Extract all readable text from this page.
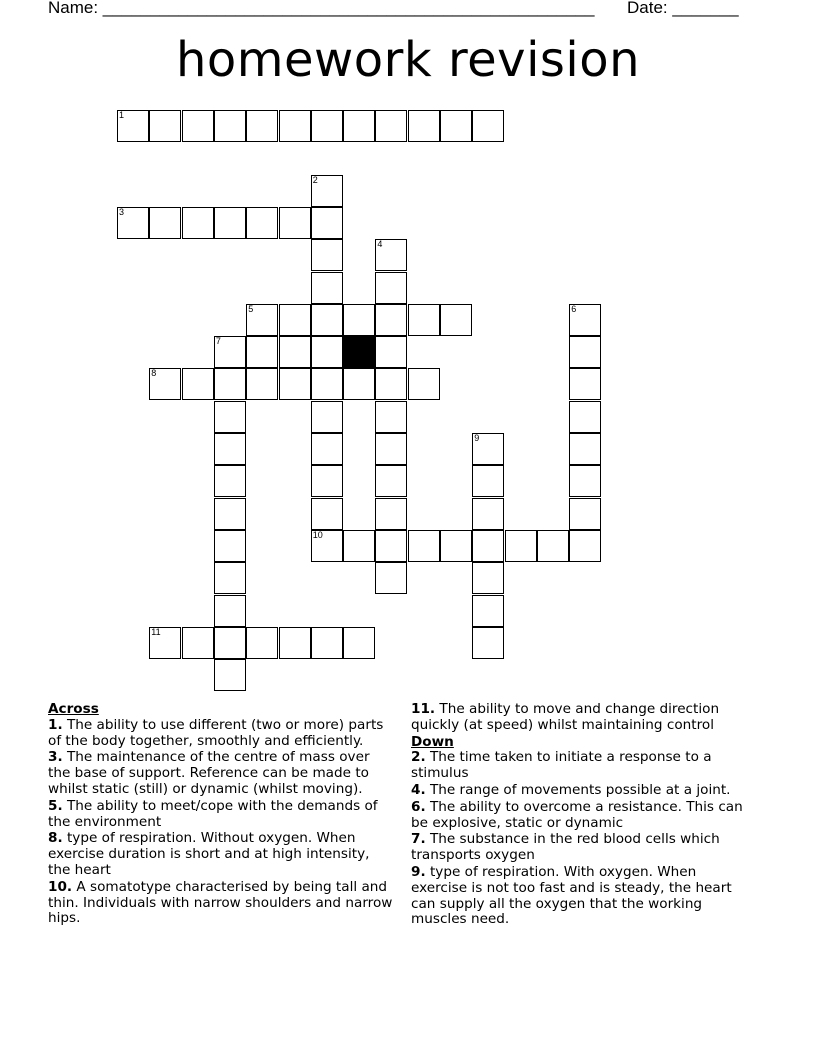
Name: ____________________________________________________ Date: _______
homework revision
1
2
3
4
5	6
7
8
9
10
11
Across
1. The ability to use different (two or more) parts of the body together, smoothly and efficiently.
3. The maintenance of the centre of mass over the base of support. Reference can be made to whilst static (still) or dynamic (whilst moving).
5. The ability to meet/cope with the demands of the environment
8. type of respiration. Without oxygen. When exercise duration is short and at high intensity, the heart
10. A somatotype characterised by being tall and thin. Individuals with narrow shoulders and narrow hips.
11. The ability to move and change direction quickly (at speed) whilst maintaining control
Down
2. The time taken to initiate a response to a stimulus
4. The range of movements possible at a joint.
6. The ability to overcome a resistance. This can be explosive, static or dynamic
7. The substance in the red blood cells which transports oxygen
9. type of respiration. With oxygen. When exercise is not too fast and is steady, the heart can supply all the oxygen that the working muscles need.
